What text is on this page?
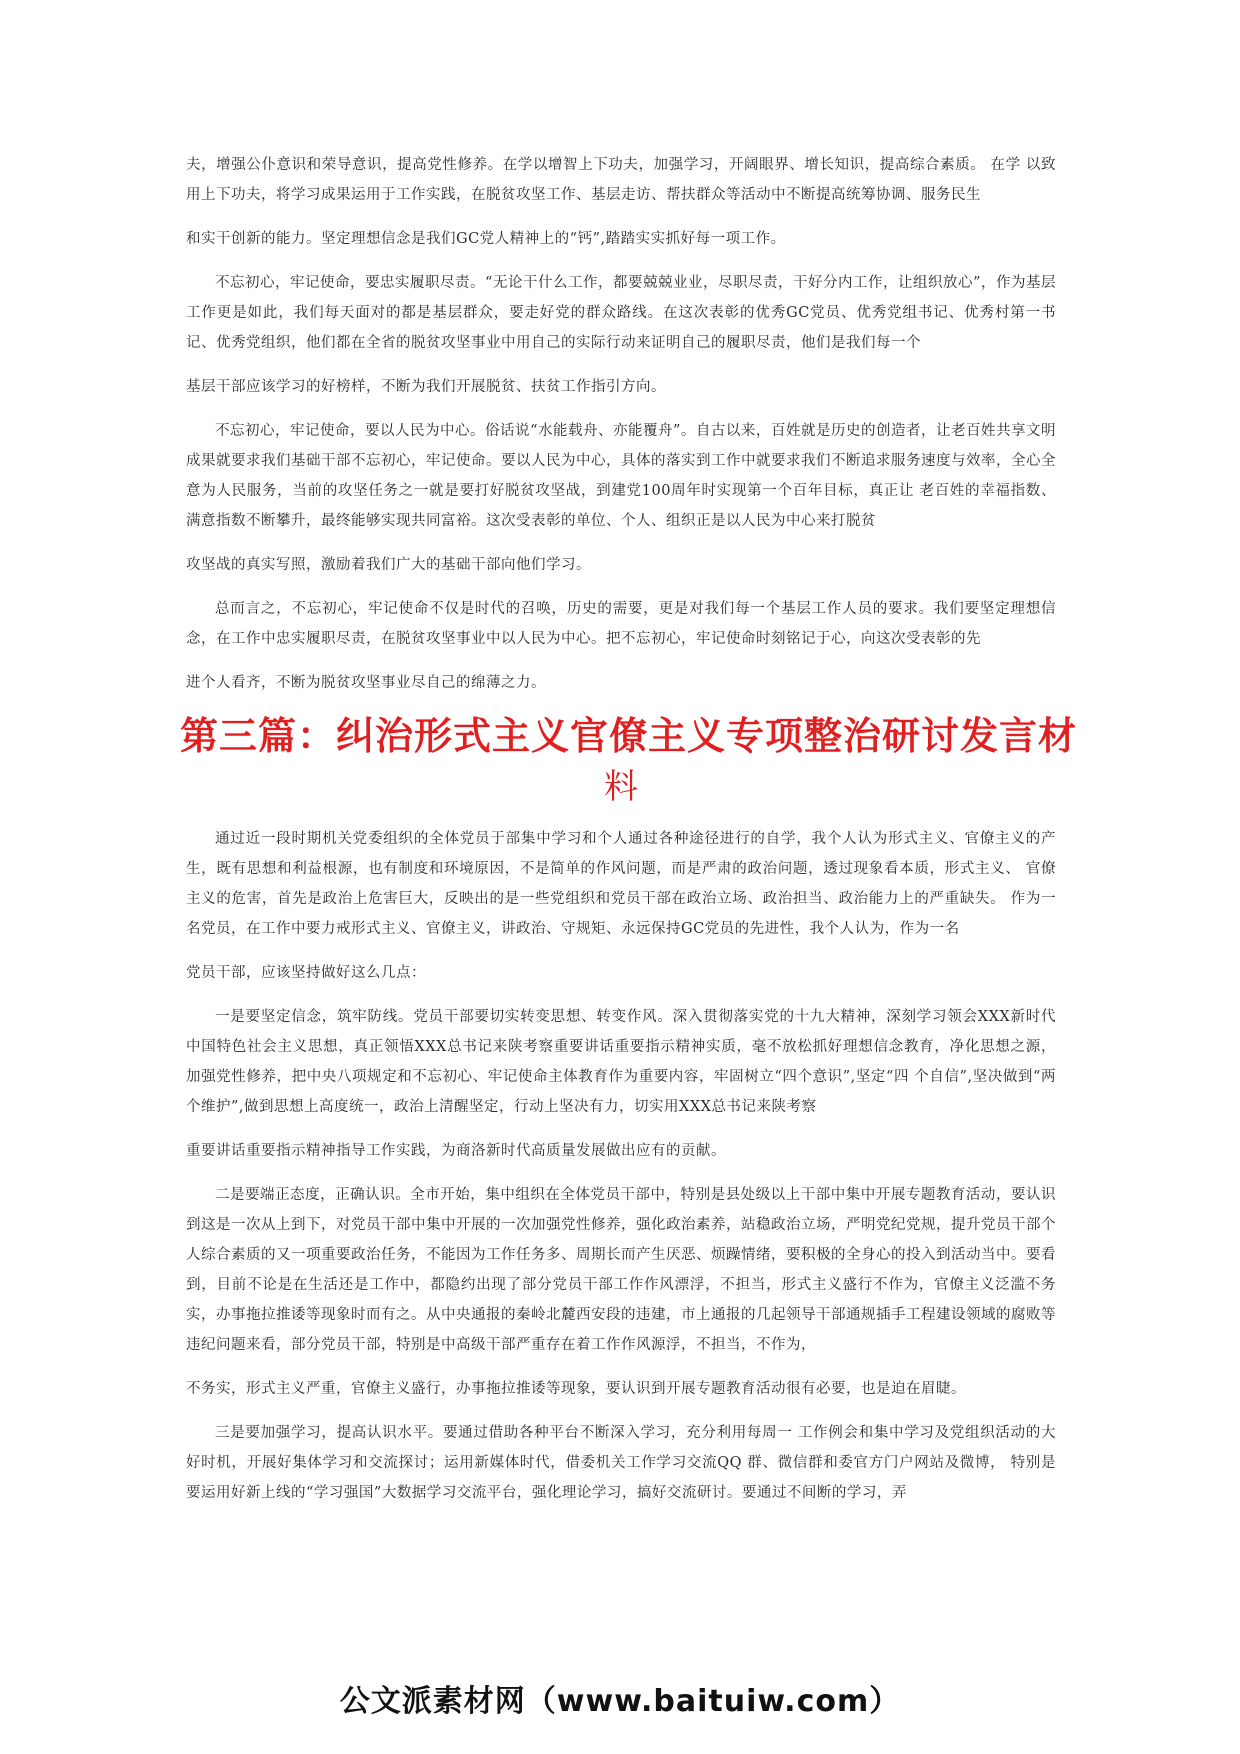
夫，增强公仆意识和荣导意识，提高党性修养。在学以增智上下功夫，加强学习，开阔眼界、增长知识，提高综合素质。 在学 以致用上下功夫，将学习成果运用于工作实践，在脱贫攻坚工作、基层走访、帮扶群众等活动中不断提高统筹协调、服务民生

和实干创新的能力。坚定理想信念是我们GC党人精神上的“钙”,踏踏实实抓好每一项工作。

不忘初心，牢记使命，要忠实履职尽责。“无论干什么工作，都要兢兢业业，尽职尽责，干好分内工作，让组织放心”，作为基层工作更是如此，我们每天面对的都是基层群众，要走好党的群众路线。在这次表彰的优秀GC党员、优秀党组书记、优秀村第一书记、优秀党组织，他们都在全省的脱贫攻坚事业中用自己的实际行动来证明自己的履职尽责，他们是我们每一个

基层干部应该学习的好榜样，不断为我们开展脱贫、扶贫工作指引方向。

不忘初心，牢记使命，要以人民为中心。俗话说“水能载舟、亦能覆舟”。自古以来，百姓就是历史的创造者，让老百姓共享文明成果就要求我们基础干部不忘初心，牢记使命。要以人民为中心，具体的落实到工作中就要求我们不断追求服务速度与效率，全心全意为人民服务，当前的攻坚任务之一就是要打好脱贫攻坚战，到建党100周年时实现第一个百年目标，真正让 老百姓的幸福指数、满意指数不断攀升，最终能够实现共同富裕。这次受表彰的单位、个人、组织正是以人民为中心来打脱贫

攻坚战的真实写照，激励着我们广大的基础干部向他们学习。

总而言之，不忘初心，牢记使命不仅是时代的召唤，历史的需要，更是对我们每一个基层工作人员的要求。我们要坚定理想信念，在工作中忠实履职尽责，在脱贫攻坚事业中以人民为中心。把不忘初心，牢记使命时刻铭记于心，向这次受表彰的先

进个人看齐，不断为脱贫攻坚事业尽自己的绵薄之力。

第三篇：纠治形式主义官僚主义专项整治研讨发言材
料

通过近一段时期机关党委组织的全体党员于部集中学习和个人通过各种途径进行的自学，我个人认为形式主义、官僚主义的产生，既有思想和利益根源，也有制度和环境原因，不是简单的作风问题，而是严肃的政治问题，透过现象看本质，形式主义、 官僚主义的危害，首先是政治上危害巨大，反映出的是一些党组织和党员干部在政治立场、政治担当、政治能力上的严重缺失。 作为一名党员，在工作中要力戒形式主义、官僚主义，讲政治、守规矩、永远保持GC党员的先进性，我个人认为，作为一名

党员干部，应该坚持做好这么几点：

一是要坚定信念，筑牢防线。党员干部要切实转变思想、转变作风。深入贯彻落实党的十九大精神，深刻学习领会XXX新时代中国特色社会主义思想，真正领悟XXX总书记来陕考察重要讲话重要指示精神实质，毫不放松抓好理想信念教育，净化思想之源，加强党性修养，把中央八项规定和不忘初心、牢记使命主体教育作为重要内容，牢固树立“四个意识”,坚定“四 个自信”,坚决做到“两个维护”,做到思想上高度统一，政治上清醒坚定，行动上坚决有力，切实用XXX总书记来陕考察

重要讲话重要指示精神指导工作实践，为商洛新时代高质量发展做出应有的贡献。

二是要端正态度，正确认识。全市开始，集中组织在全体党员干部中，特别是县处级以上干部中集中开展专题教育活动，要认识到这是一次从上到下，对党员干部中集中开展的一次加强党性修养，强化政治素养，站稳政治立场，严明党纪党规，提升党员干部个人综合素质的又一项重要政治任务，不能因为工作任务多、周期长而产生厌恶、烦躁情绪，要积极的全身心的投入到活动当中。要看到，目前不论是在生活还是工作中，都隐约出现了部分党员干部工作作风漂浮，不担当，形式主义盛行不作为，官僚主义泛滥不务实，办事拖拉推诿等现象时而有之。从中央通报的秦岭北麓西安段的违建，市上通报的几起领导干部通规插手工程建设领域的腐败等违纪问题来看，部分党员干部，特别是中高级干部严重存在着工作作风源浮，不担当，不作为，

不务实，形式主义严重，官僚主义盛行，办事拖拉推诿等现象，要认识到开展专题教育活动很有必要，也是迫在眉睫。

三是要加强学习，提高认识水平。要通过借助各种平台不断深入学习，充分利用每周一 工作例会和集中学习及党组织活动的大好时机，开展好集体学习和交流探讨；运用新媒体时代，借委机关工作学习交流QQ 群、微信群和委官方门户网站及微博， 特别是要运用好新上线的“学习强国”大数据学习交流平台，强化理论学习，搞好交流研讨。要通过不间断的学习，弄

公文派素材网（www.baituiw.com）
